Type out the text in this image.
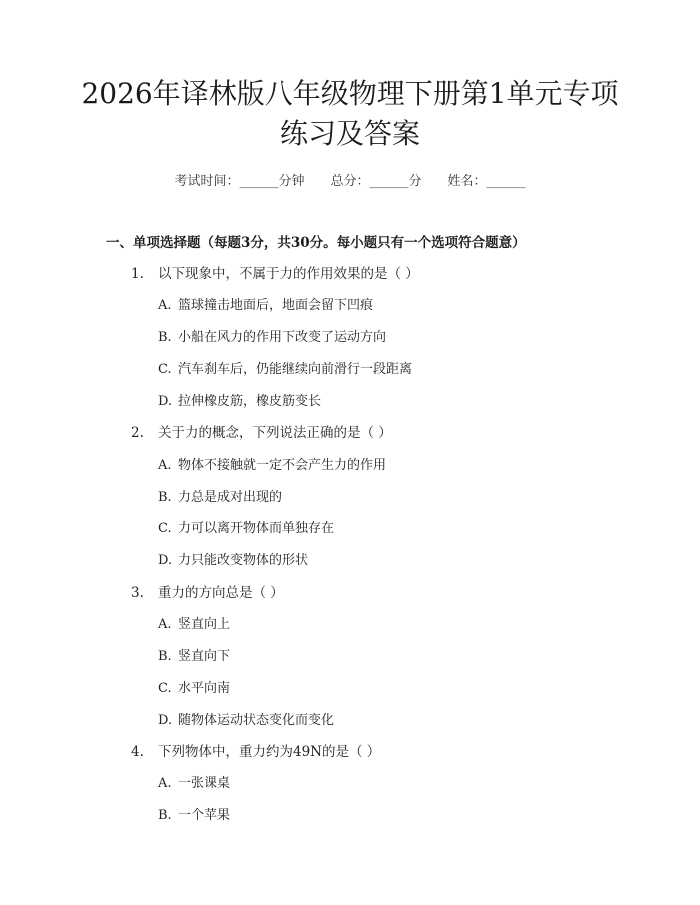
2026年译林版八年级物理下册第1单元专项
练习及答案
考试时间：______分钟 总分：______分 姓名：______
一、单项选择题（每题3分，共30分。每小题只有一个选项符合题意）
1. 以下现象中，不属于力的作用效果的是（ ）
A. 篮球撞击地面后，地面会留下凹痕
B. 小船在风力的作用下改变了运动方向
C. 汽车刹车后，仍能继续向前滑行一段距离
D. 拉伸橡皮筋，橡皮筋变长
2. 关于力的概念，下列说法正确的是（ ）
A. 物体不接触就一定不会产生力的作用
B. 力总是成对出现的
C. 力可以离开物体而单独存在
D. 力只能改变物体的形状
3. 重力的方向总是（ ）
A. 竖直向上
B. 竖直向下
C. 水平向南
D. 随物体运动状态变化而变化
4. 下列物体中，重力约为49N的是（ ）
A. 一张课桌
B. 一个苹果
